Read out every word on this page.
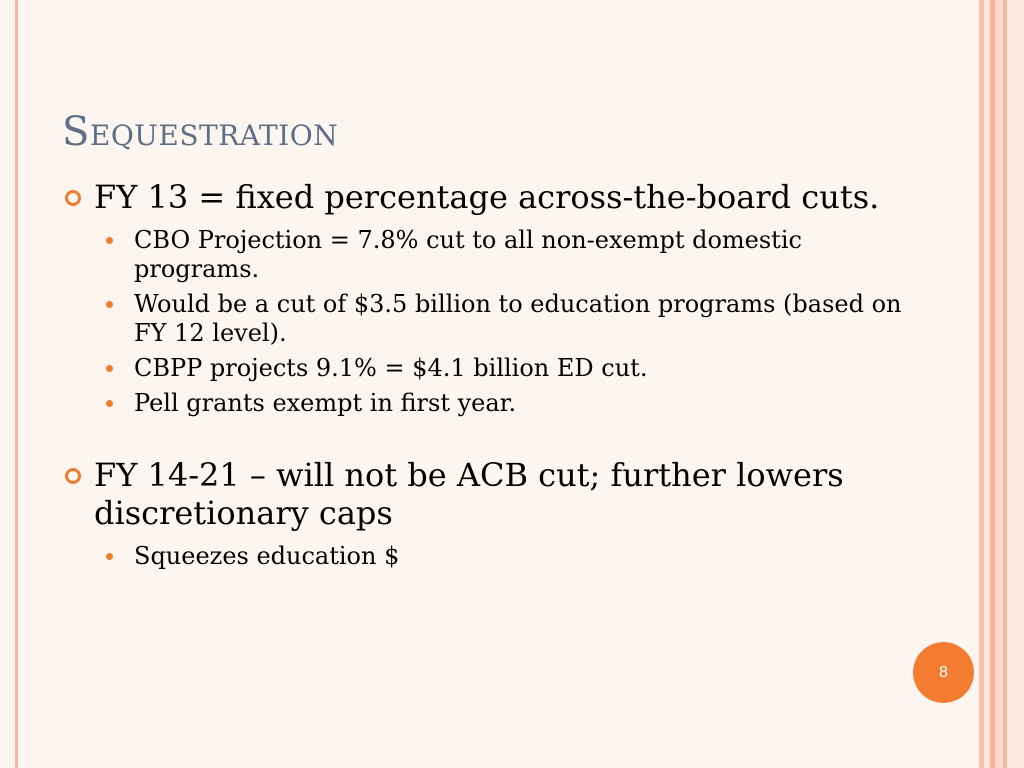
Sequestration
FY 13 = fixed percentage across-the-board cuts.
CBO Projection = 7.8% cut to all non-exempt domestic programs.
Would be a cut of $3.5 billion to education programs (based on FY 12 level).
CBPP projects 9.1% = $4.1 billion ED cut.
Pell grants exempt in first year.
FY 14-21 – will not be ACB cut; further lowers discretionary caps
Squeezes education $
8
